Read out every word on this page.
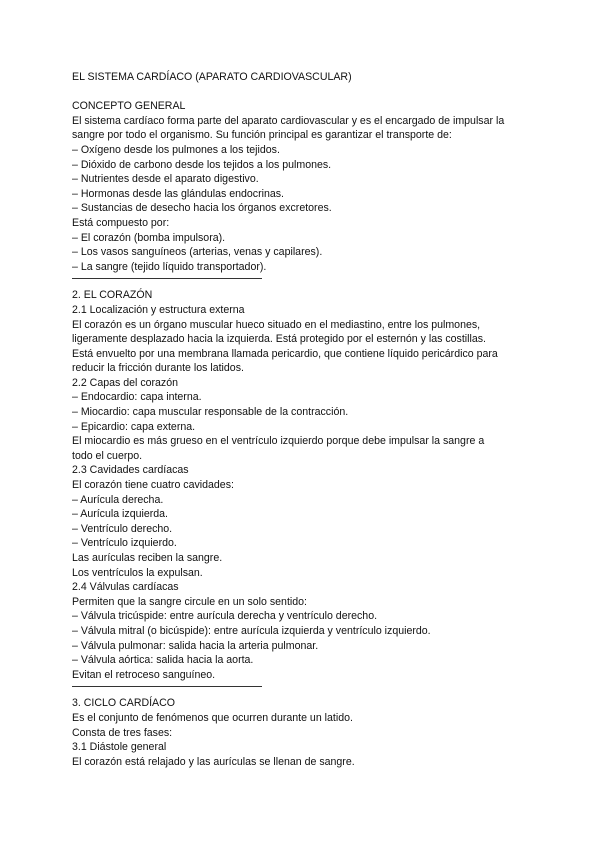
EL SISTEMA CARDÍACO (APARATO CARDIOVASCULAR)
CONCEPTO GENERAL
El sistema cardíaco forma parte del aparato cardiovascular y es el encargado de impulsar la
sangre por todo el organismo. Su función principal es garantizar el transporte de:
– Oxígeno desde los pulmones a los tejidos.
– Dióxido de carbono desde los tejidos a los pulmones.
– Nutrientes desde el aparato digestivo.
– Hormonas desde las glándulas endocrinas.
– Sustancias de desecho hacia los órganos excretores.
Está compuesto por:
– El corazón (bomba impulsora).
– Los vasos sanguíneos (arterias, venas y capilares).
– La sangre (tejido líquido transportador).
2. EL CORAZÓN
2.1 Localización y estructura externa
El corazón es un órgano muscular hueco situado en el mediastino, entre los pulmones,
ligeramente desplazado hacia la izquierda. Está protegido por el esternón y las costillas.
Está envuelto por una membrana llamada pericardio, que contiene líquido pericárdico para
reducir la fricción durante los latidos.
2.2 Capas del corazón
– Endocardio: capa interna.
– Miocardio: capa muscular responsable de la contracción.
– Epicardio: capa externa.
El miocardio es más grueso en el ventrículo izquierdo porque debe impulsar la sangre a
todo el cuerpo.
2.3 Cavidades cardíacas
El corazón tiene cuatro cavidades:
– Aurícula derecha.
– Aurícula izquierda.
– Ventrículo derecho.
– Ventrículo izquierdo.
Las aurículas reciben la sangre.
Los ventrículos la expulsan.
2.4 Válvulas cardíacas
Permiten que la sangre circule en un solo sentido:
– Válvula tricúspide: entre aurícula derecha y ventrículo derecho.
– Válvula mitral (o bicúspide): entre aurícula izquierda y ventrículo izquierdo.
– Válvula pulmonar: salida hacia la arteria pulmonar.
– Válvula aórtica: salida hacia la aorta.
Evitan el retroceso sanguíneo.
3. CICLO CARDÍACO
Es el conjunto de fenómenos que ocurren durante un latido.
Consta de tres fases:
3.1 Diástole general
El corazón está relajado y las aurículas se llenan de sangre.
